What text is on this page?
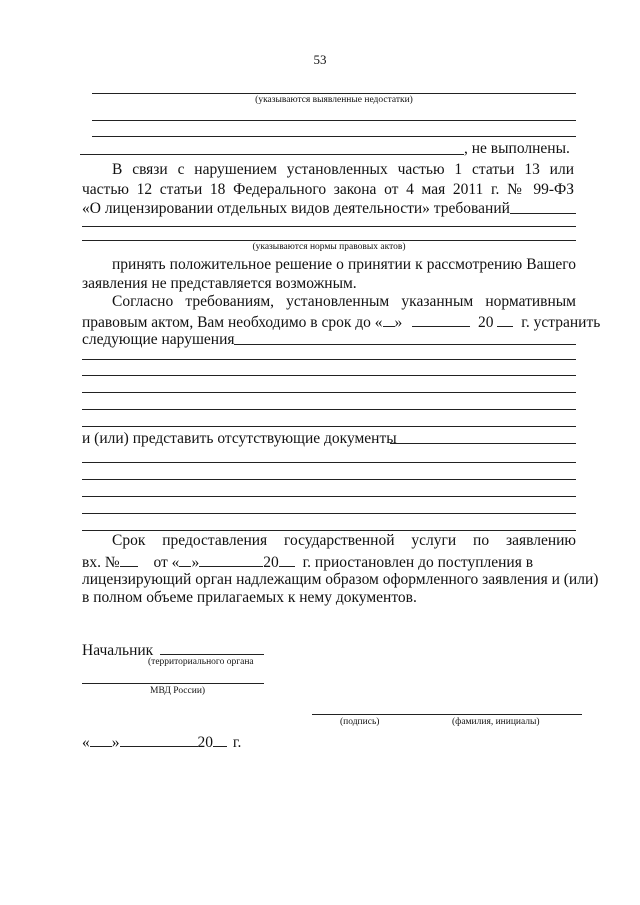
53
(указываются выявленные недостатки)
, не выполнены.
В связи с нарушением установленных частью 1 статьи 13 или
частью 12 статьи 18 Федерального закона от 4 мая 2011 г. № 99-ФЗ
«О лицензировании отдельных видов деятельности» требований
(указываются нормы правовых актов)
принять положительное решение о принятии к рассмотрению Вашего
заявления не представляется возможным.
Согласно требованиям, установленным указанным нормативным
правовым актом, Вам необходимо в срок до « »	20 г. устранить
следующие нарушения
и (или) представить отсутствующие документы
Срок предоставления государственной услуги по заявлению
вх. № от « »	20 г. приостановлен до поступления в
лицензирующий орган надлежащим образом оформленного заявления и (или)
в полном объеме прилагаемых к нему документов.
Начальник
(территориального органа
МВД России)
(подпись)	(фамилия, инициалы)
« »	20 г.
